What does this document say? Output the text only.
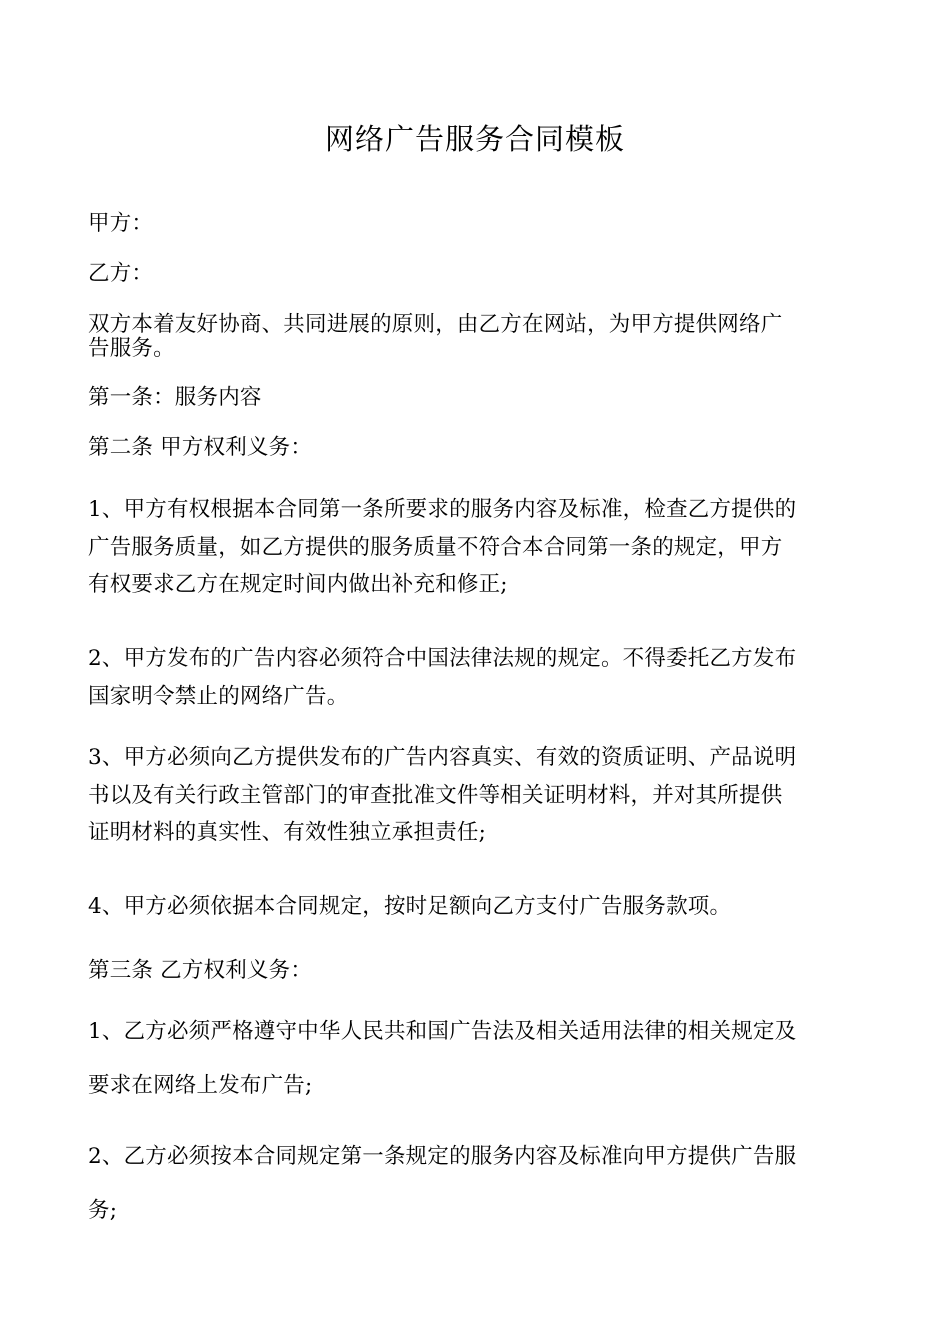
网络广告服务合同模板
甲方：
乙方：
双方本着友好协商、共同进展的原则，由乙方在网站，为甲方提供网络广
告服务。
第一条：服务内容
第二条 甲方权利义务：
1、甲方有权根据本合同第一条所要求的服务内容及标准，检查乙方提供的
广告服务质量，如乙方提供的服务质量不符合本合同第一条的规定，甲方
有权要求乙方在规定时间内做出补充和修正;
2、甲方发布的广告内容必须符合中国法律法规的规定。不得委托乙方发布
国家明令禁止的网络广告。
3、甲方必须向乙方提供发布的广告内容真实、有效的资质证明、产品说明
书以及有关行政主管部门的审查批准文件等相关证明材料，并对其所提供
证明材料的真实性、有效性独立承担责任;
4、甲方必须依据本合同规定，按时足额向乙方支付广告服务款项。
第三条 乙方权利义务：
1、乙方必须严格遵守中华人民共和国广告法及相关适用法律的相关规定及
要求在网络上发布广告;
2、乙方必须按本合同规定第一条规定的服务内容及标准向甲方提供广告服
务;
